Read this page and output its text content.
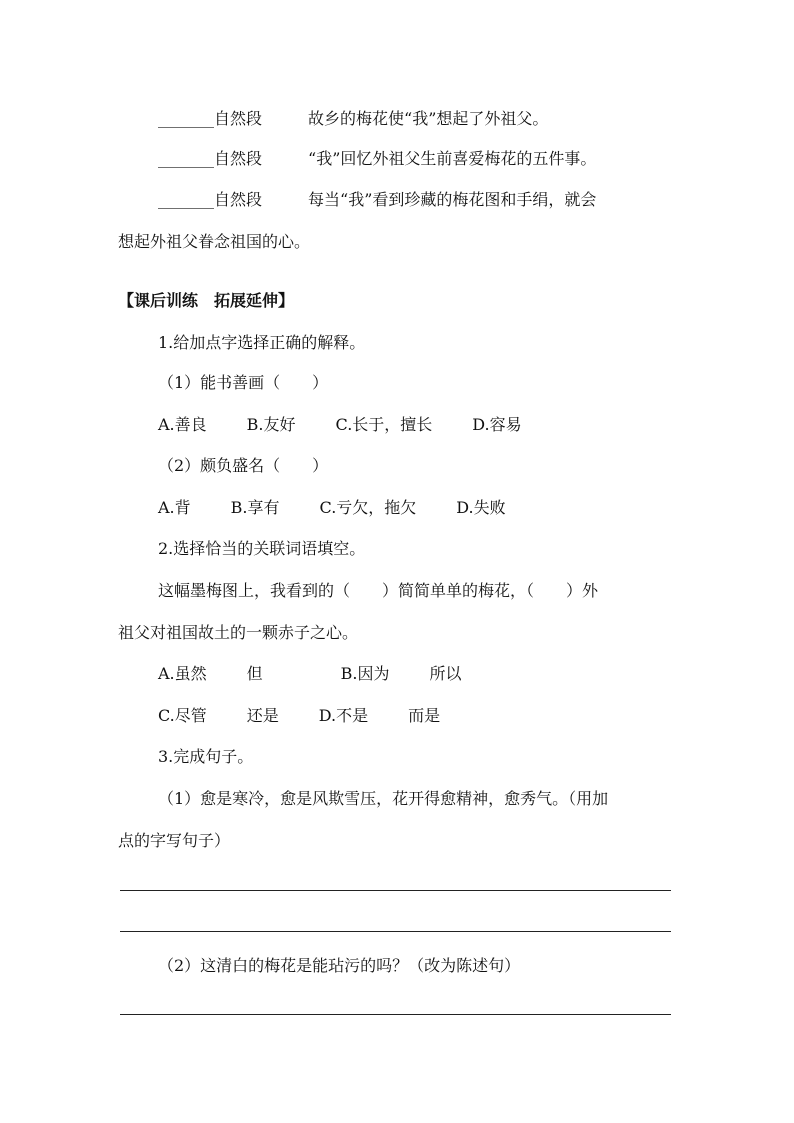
_______自然段	故乡的梅花使“我”想起了外祖父。
_______自然段	“我”回忆外祖父生前喜爱梅花的五件事。
_______自然段	每当“我”看到珍藏的梅花图和手绢，就会
想起外祖父眷念祖国的心。
【课后训练　拓展延伸】
1.给加点字选择正确的解释。
（1）能书善画（　　）
A.善良	B.友好	C.长于，擅长	D.容易
（2）颇负盛名（　　）
A.背	B.享有	C.亏欠，拖欠	D.失败
2.选择恰当的关联词语填空。
这幅墨梅图上，我看到的（　　）简简单单的梅花，（　　）外
祖父对祖国故土的一颗赤子之心。
A.虽然	但	B.因为	所以
C.尽管	还是	D.不是	而是
3.完成句子。
（1）愈是寒冷，愈是风欺雪压，花开得愈精神，愈秀气。（用加
点的字写句子）
（2）这清白的梅花是能玷污的吗？（改为陈述句）
